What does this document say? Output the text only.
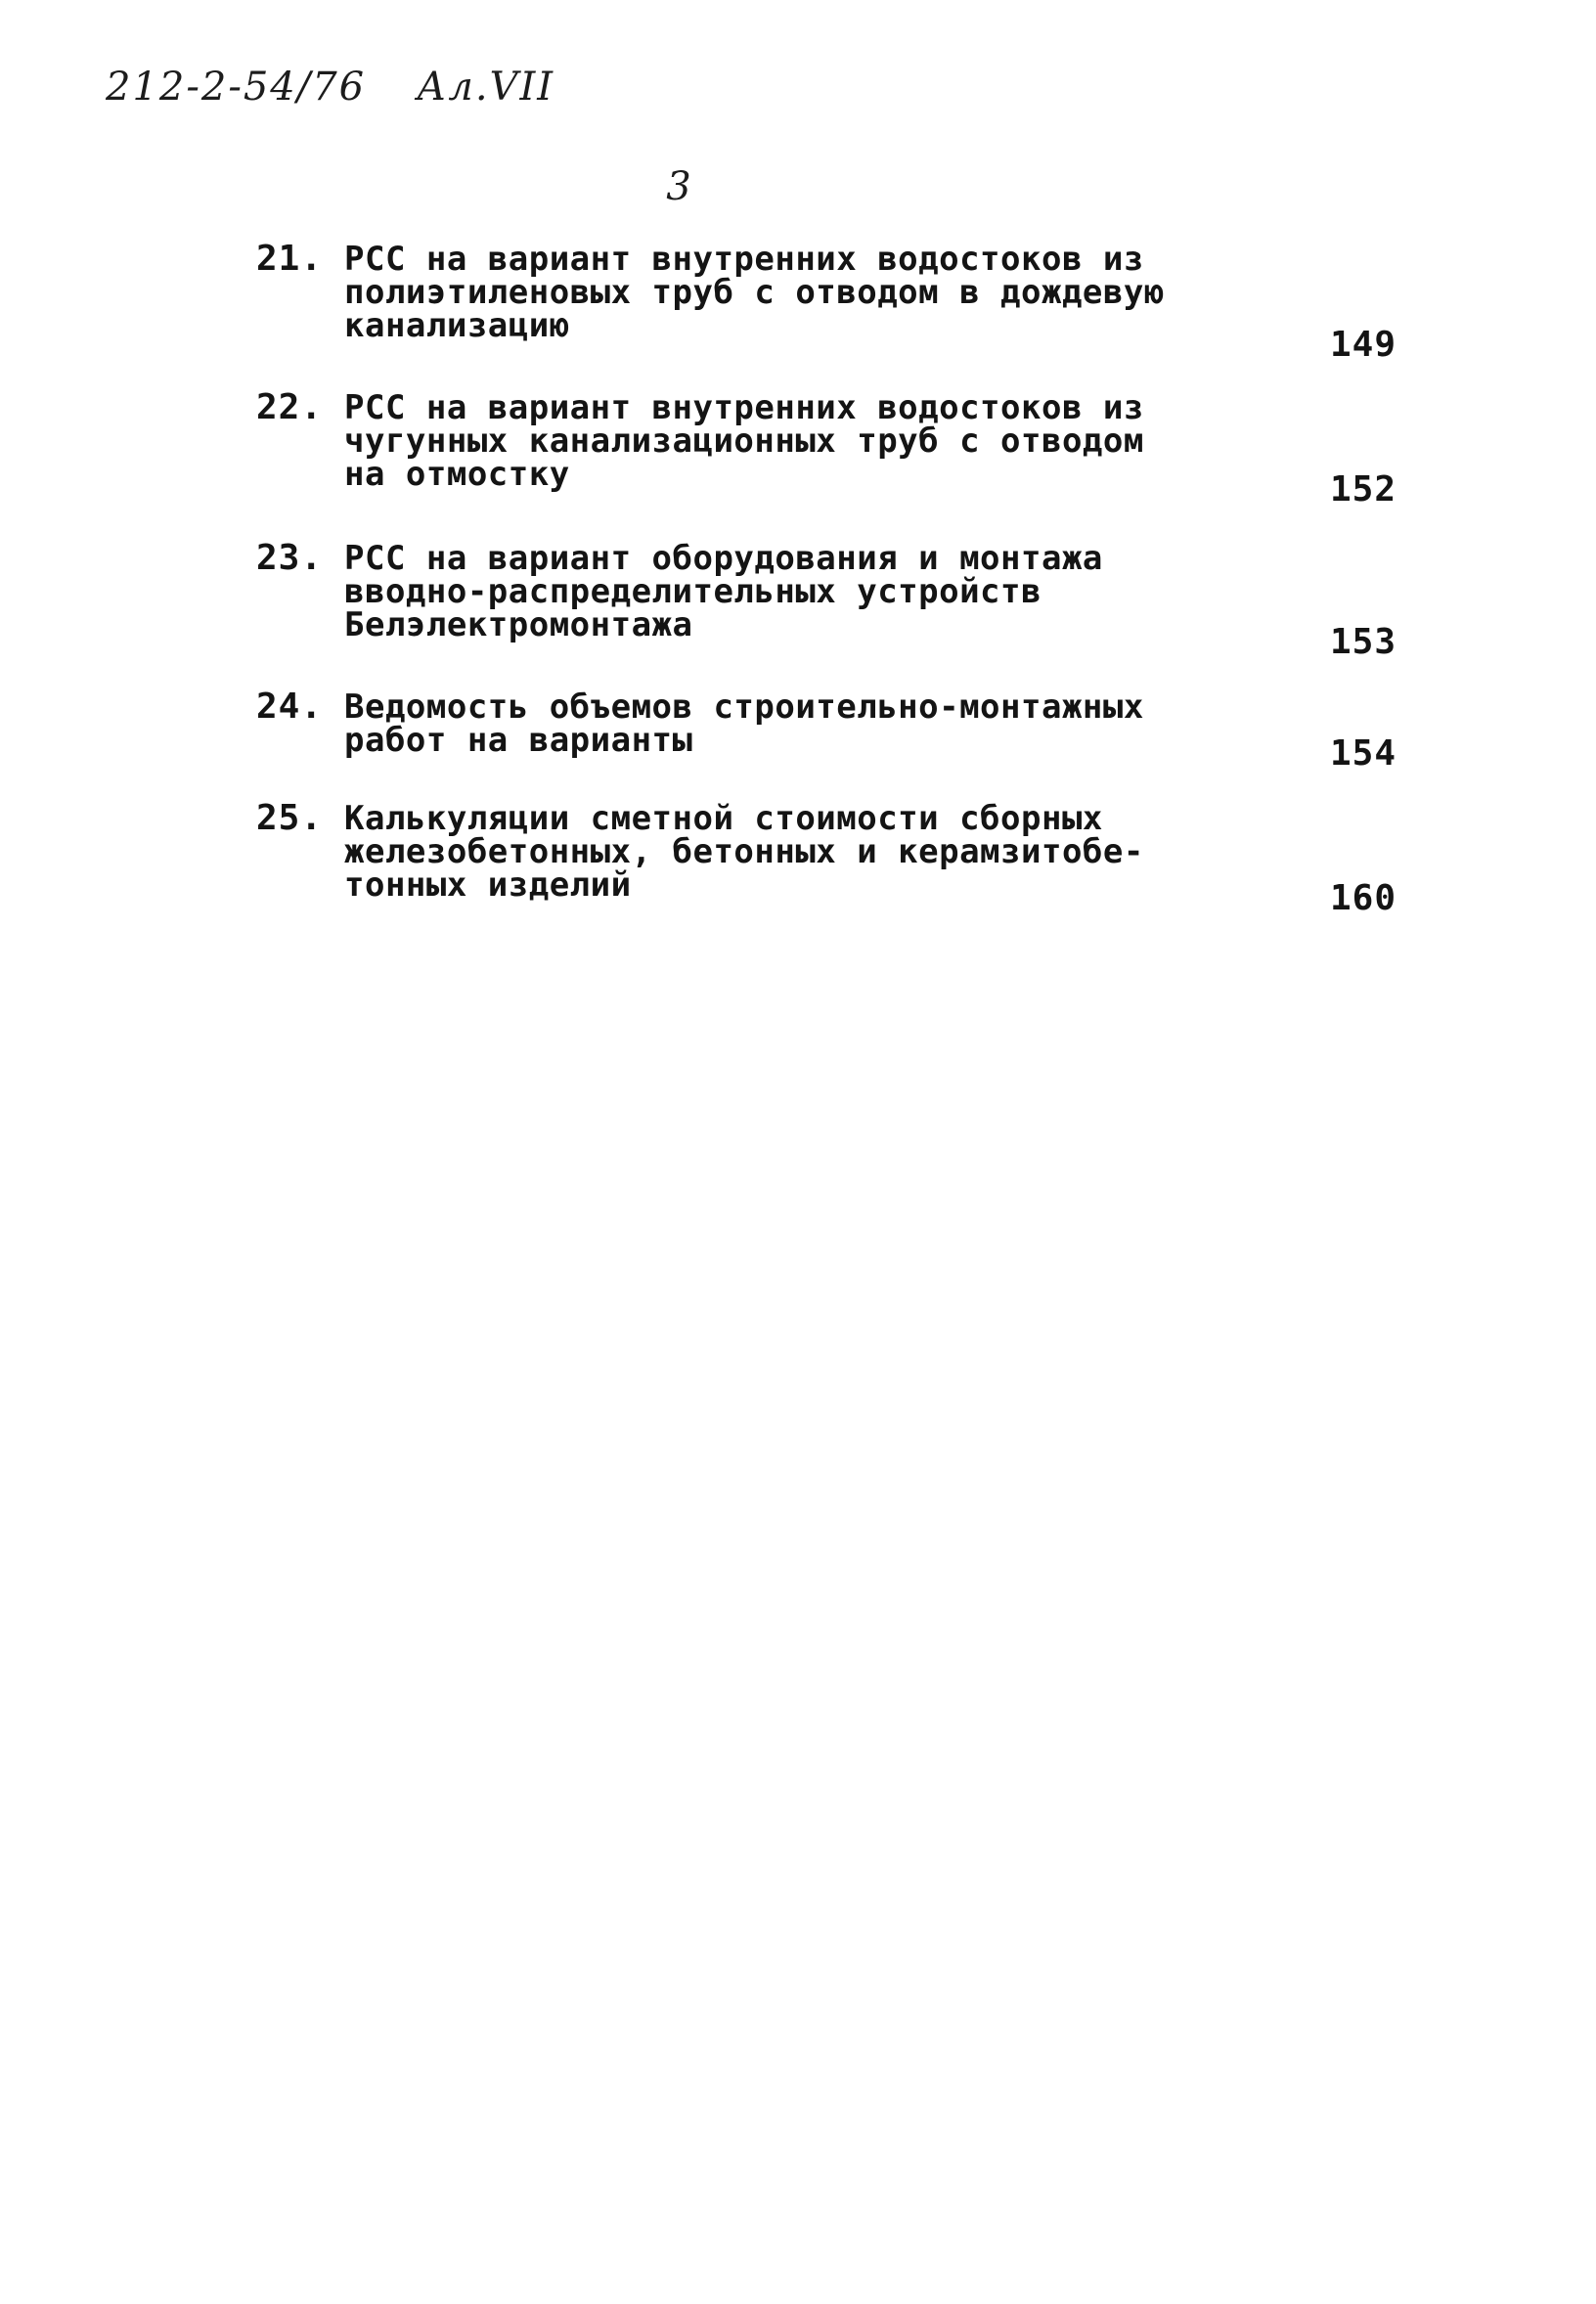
212-2-54/76 Ал.VII
3
21. РСС на вариант внутренних водостоков из
полиэтиленовых труб с отводом в дождевую
канализацию	149
22. РСС на вариант внутренних водостоков из
чугунных канализационных труб с отводом
на отмостку	152
23. РСС на вариант оборудования и монтажа
вводно-распределительных устройств
Белэлектромонтажа	153
24. Ведомость объемов строительно-монтажных
работ на варианты	154
25. Калькуляции сметной стоимости сборных
железобетонных, бетонных и керамзитобе-
тонных изделий	160
